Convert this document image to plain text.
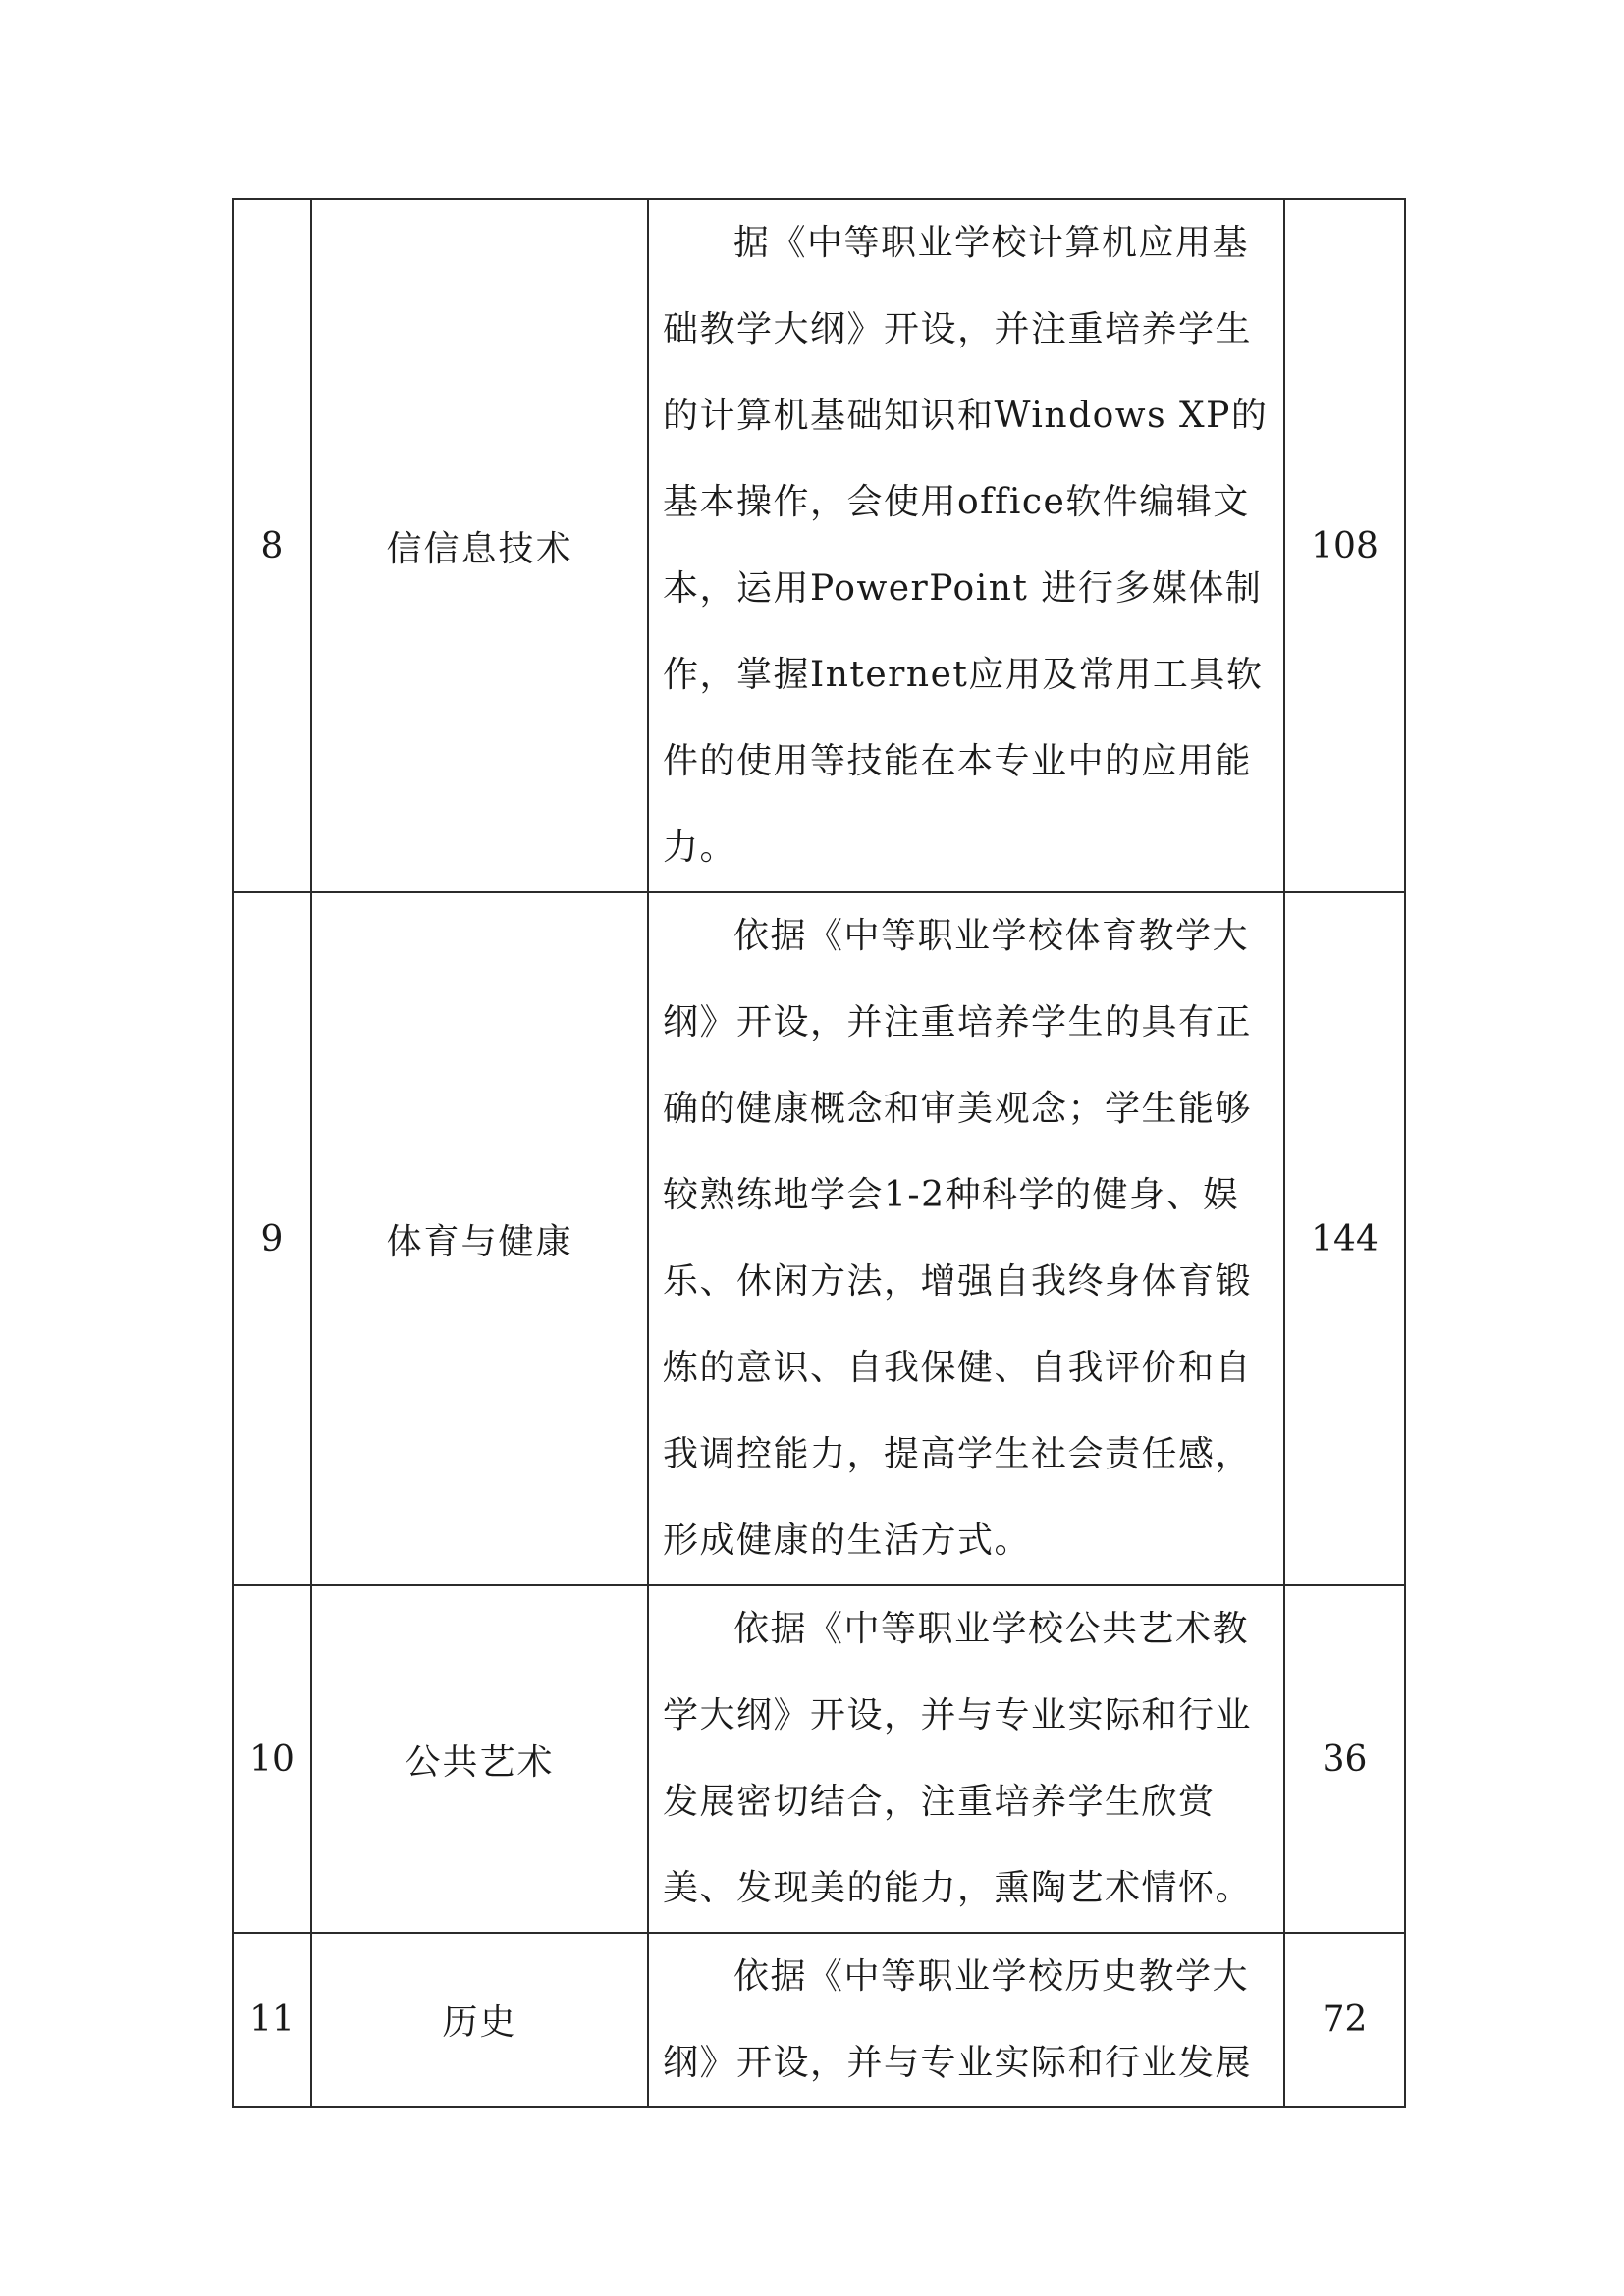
8	信信息技术	据《中等职业学校计算机应用基础教学大纲》开设，并注重培养学生的计算机基础知识和Windows XP的基本操作，会使用office软件编辑文本，运用PowerPoint 进行多媒体制作，掌握Internet应用及常用工具软件的使用等技能在本专业中的应用能力。	108
9	体育与健康	依据《中等职业学校体育教学大纲》开设，并注重培养学生的具有正确的健康概念和审美观念；学生能够较熟练地学会1-2种科学的健身、娱乐、休闲方法，增强自我终身体育锻炼的意识、自我保健、自我评价和自我调控能力，提高学生社会责任感，形成健康的生活方式。	144
10	公共艺术	依据《中等职业学校公共艺术教学大纲》开设，并与专业实际和行业发展密切结合，注重培养学生欣赏美、发现美的能力，熏陶艺术情怀。	36
11	历史	依据《中等职业学校历史教学大纲》开设，并与专业实际和行业发展	72
